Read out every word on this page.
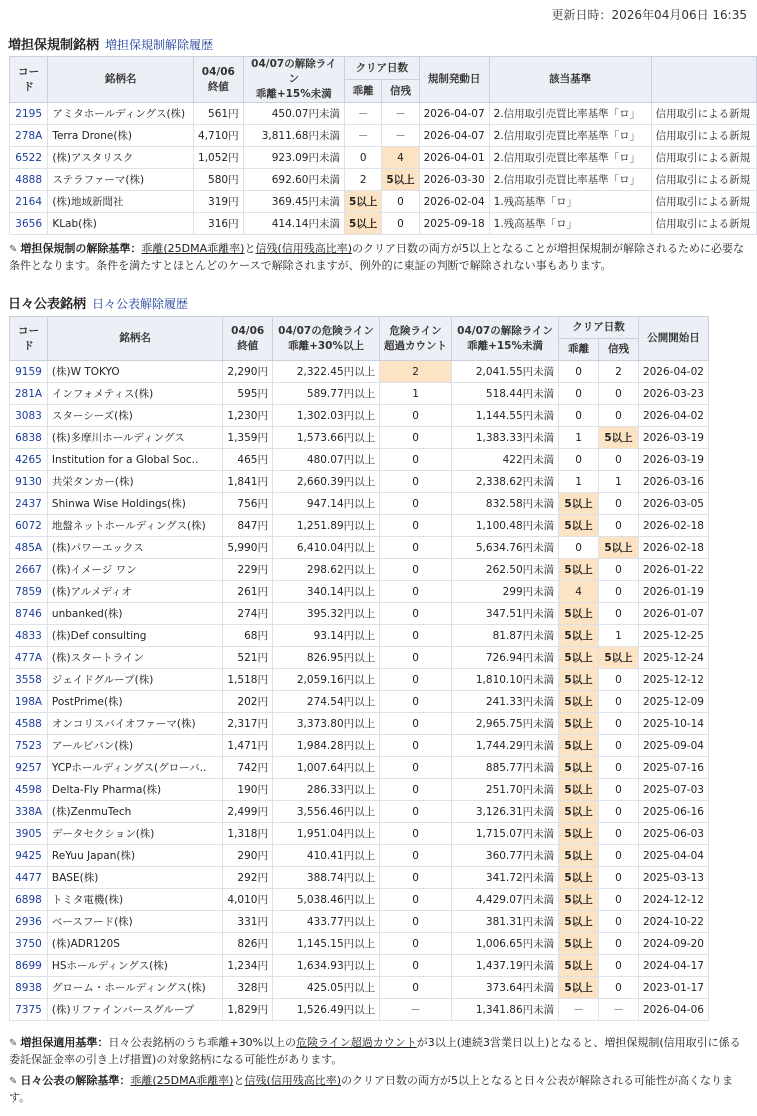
更新日時：2026年04月06日 16:35
増担保規制銘柄 増担保規制解除履歴
コード	銘柄名	04/06
終値	04/07の解除ライン
乖離+15%未満	クリア日数		規制発動日	該当基準	
				乖離	信残			
2195	アミタホールディングス(株)	561円	450.07円未満	－	－	2026-04-07	2.信用取引売買比率基準「ロ」	信用取引による新規
278A	Terra Drone(株)	4,710円	3,811.68円未満	－	－	2026-04-07	2.信用取引売買比率基準「ロ」	信用取引による新規
6522	(株)アスタリスク	1,052円	923.09円未満	0	4	2026-04-01	2.信用取引売買比率基準「ロ」	信用取引による新規
4888	ステラファーマ(株)	580円	692.60円未満	2	5以上	2026-03-30	2.信用取引売買比率基準「ロ」	信用取引による新規
2164	(株)地域新聞社	319円	369.45円未満	5以上	0	2026-02-04	1.残高基準「ロ」	信用取引による新規
3656	KLab(株)	316円	414.14円未満	5以上	0	2025-09-18	1.残高基準「ロ」	信用取引による新規
✎ 増担保規制の解除基準：乖離(25DMA乖離率)と信残(信用残高比率)のクリア日数の両方が5以上となることが増担保規制が解除されるために必要な条件となります。条件を満たすとほとんどのケースで解除されますが、例外的に東証の判断で解除されない事もあります。
日々公表銘柄 日々公表解除履歴
コード	銘柄名	04/06
終値	04/07の危険ライン
乖離+30%以上	危険ライン
超過カウント	04/07の解除ライン
乖離+15%未満	クリア日数		公開開始日
						乖離	信残	
9159	(株)W TOKYO	2,290円	2,322.45円以上	2	2,041.55円未満	0	2	2026-04-02
281A	インフォメティス(株)	595円	589.77円以上	1	518.44円未満	0	0	2026-03-23
3083	スターシーズ(株)	1,230円	1,302.03円以上	0	1,144.55円未満	0	0	2026-04-02
6838	(株)多摩川ホールディングス	1,359円	1,573.66円以上	0	1,383.33円未満	1	5以上	2026-03-19
4265	Institution for a Global Soc..	465円	480.07円以上	0	422円未満	0	0	2026-03-19
9130	共栄タンカー(株)	1,841円	2,660.39円以上	0	2,338.62円未満	1	1	2026-03-16
2437	Shinwa Wise Holdings(株)	756円	947.14円以上	0	832.58円未満	5以上	0	2026-03-05
6072	地盤ネットホールディングス(株)	847円	1,251.89円以上	0	1,100.48円未満	5以上	0	2026-02-18
485A	(株)パワーエックス	5,990円	6,410.04円以上	0	5,634.76円未満	0	5以上	2026-02-18
2667	(株)イメージ ワン	229円	298.62円以上	0	262.50円未満	5以上	0	2026-01-22
7859	(株)アルメディオ	261円	340.14円以上	0	299円未満	4	0	2026-01-19
8746	unbanked(株)	274円	395.32円以上	0	347.51円未満	5以上	0	2026-01-07
4833	(株)Def consulting	68円	93.14円以上	0	81.87円未満	5以上	1	2025-12-25
477A	(株)スタートライン	521円	826.95円以上	0	726.94円未満	5以上	5以上	2025-12-24
3558	ジェイドグループ(株)	1,518円	2,059.16円以上	0	1,810.10円未満	5以上	0	2025-12-12
198A	PostPrime(株)	202円	274.54円以上	0	241.33円未満	5以上	0	2025-12-09
4588	オンコリスバイオファーマ(株)	2,317円	3,373.80円以上	0	2,965.75円未満	5以上	0	2025-10-14
7523	アールビバン(株)	1,471円	1,984.28円以上	0	1,744.29円未満	5以上	0	2025-09-04
9257	YCPホールディングス(グローバ..	742円	1,007.64円以上	0	885.77円未満	5以上	0	2025-07-16
4598	Delta-Fly Pharma(株)	190円	286.33円以上	0	251.70円未満	5以上	0	2025-07-03
338A	(株)ZenmuTech	2,499円	3,556.46円以上	0	3,126.31円未満	5以上	0	2025-06-16
3905	データセクション(株)	1,318円	1,951.04円以上	0	1,715.07円未満	5以上	0	2025-06-03
9425	ReYuu Japan(株)	290円	410.41円以上	0	360.77円未満	5以上	0	2025-04-04
4477	BASE(株)	292円	388.74円以上	0	341.72円未満	5以上	0	2025-03-13
6898	トミタ電機(株)	4,010円	5,038.46円以上	0	4,429.07円未満	5以上	0	2024-12-12
2936	ベースフード(株)	331円	433.77円以上	0	381.31円未満	5以上	0	2024-10-22
3750	(株)ADR120S	826円	1,145.15円以上	0	1,006.65円未満	5以上	0	2024-09-20
8699	HSホールディングス(株)	1,234円	1,634.93円以上	0	1,437.19円未満	5以上	0	2024-04-17
8938	グローム・ホールディングス(株)	328円	425.05円以上	0	373.64円未満	5以上	0	2023-01-17
7375	(株)リファインバースグループ	1,829円	1,526.49円以上	－	1,341.86円未満	－	－	2026-04-06
✎ 増担保適用基準：日々公表銘柄のうち乖離+30%以上の危険ライン超過カウントが3以上(連続3営業日以上)となると、増担保規制(信用取引に係る委託保証金率の引き上げ措置)の対象銘柄になる可能性があります。
✎ 日々公表の解除基準：乖離(25DMA乖離率)と信残(信用残高比率)のクリア日数の両方が5以上となると日々公表が解除される可能性が高くなります。
